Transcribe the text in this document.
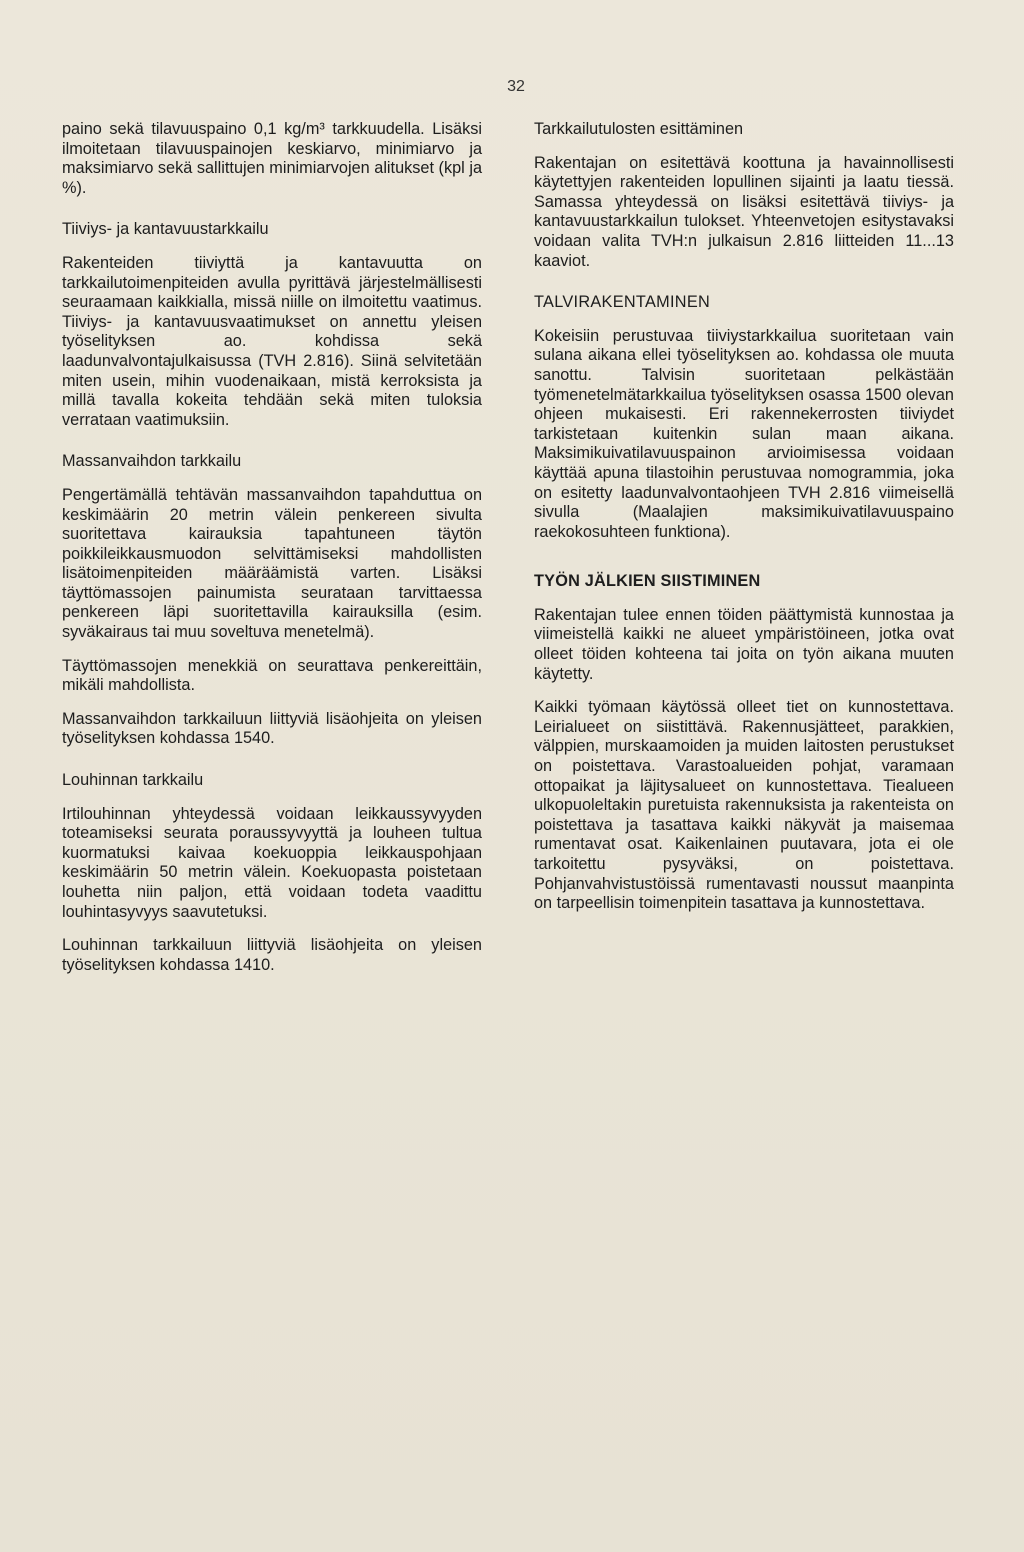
32

paino sekä tilavuuspaino 0,1 kg/m³ tarkkuudella. Lisäksi ilmoitetaan tilavuuspainojen keskiarvo, minimiarvo ja maksimiarvo sekä sallittujen minimiarvojen alitukset (kpl ja %).

Tiiviys- ja kantavuustarkkailu

Rakenteiden tiiviyttä ja kantavuutta on tarkkailutoimenpiteiden avulla pyrittävä järjestelmällisesti seuraamaan kaikkialla, missä niille on ilmoitettu vaatimus. Tiiviys- ja kantavuusvaatimukset on annettu yleisen työselityksen ao. kohdissa sekä laadunvalvontajulkaisussa (TVH 2.816). Siinä selvitetään miten usein, mihin vuodenaikaan, mistä kerroksista ja millä tavalla kokeita tehdään sekä miten tuloksia verrataan vaatimuksiin.

Massanvaihdon tarkkailu

Pengertämällä tehtävän massanvaihdon tapahduttua on keskimäärin 20 metrin välein penkereen sivulta suoritettava kairauksia tapahtuneen täytön poikkileikkausmuodon selvittämiseksi mahdollisten lisätoimenpiteiden määräämistä varten. Lisäksi täyttömassojen painumista seurataan tarvittaessa penkereen läpi suoritettavilla kairauksilla (esim. syväkairaus tai muu soveltuva menetelmä).

Täyttömassojen menekkiä on seurattava penkereittäin, mikäli mahdollista.

Massanvaihdon tarkkailuun liittyviä lisäohjeita on yleisen työselityksen kohdassa 1540.

Louhinnan tarkkailu

Irtilouhinnan yhteydessä voidaan leikkaussyvyyden toteamiseksi seurata poraussyvyyttä ja louheen tultua kuormatuksi kaivaa koekuoppia leikkauspohjaan keskimäärin 50 metrin välein. Koekuopasta poistetaan louhetta niin paljon, että voidaan todeta vaadittu louhintasyvyys saavutetuksi.

Louhinnan tarkkailuun liittyviä lisäohjeita on yleisen työselityksen kohdassa 1410.

Tarkkailutulosten esittäminen

Rakentajan on esitettävä koottuna ja havainnollisesti käytettyjen rakenteiden lopullinen sijainti ja laatu tiessä. Samassa yhteydessä on lisäksi esitettävä tiiviys- ja kantavuustarkkailun tulokset. Yhteenvetojen esitystavaksi voidaan valita TVH:n julkaisun 2.816 liitteiden 11...13 kaaviot.

TALVIRAKENTAMINEN

Kokeisiin perustuvaa tiiviystarkkailua suoritetaan vain sulana aikana ellei työselityksen ao. kohdassa ole muuta sanottu. Talvisin suoritetaan pelkästään työmenetelmätarkkailua työselityksen osassa 1500 olevan ohjeen mukaisesti. Eri rakennekerrosten tiiviydet tarkistetaan kuitenkin sulan maan aikana. Maksimikuivatilavuuspainon arvioimisessa voidaan käyttää apuna tilastoihin perustuvaa nomogrammia, joka on esitetty laadunvalvontaohjeen TVH 2.816 viimeisellä sivulla (Maalajien maksimikuivatilavuuspaino raekokosuhteen funktiona).

TYÖN JÄLKIEN SIISTIMINEN

Rakentajan tulee ennen töiden päättymistä kunnostaa ja viimeistellä kaikki ne alueet ympäristöineen, jotka ovat olleet töiden kohteena tai joita on työn aikana muuten käytetty.

Kaikki työmaan käytössä olleet tiet on kunnostettava. Leirialueet on siistittävä. Rakennusjätteet, parakkien, välppien, murskaamoiden ja muiden laitosten perustukset on poistettava. Varastoalueiden pohjat, varamaan ottopaikat ja läjitysalueet on kunnostettava. Tiealueen ulkopuoleltakin puretuista rakennuksista ja rakenteista on poistettava ja tasattava kaikki näkyvät ja maisemaa rumentavat osat. Kaikenlainen puutavara, jota ei ole tarkoitettu pysyväksi, on poistettava. Pohjanvahvistustöissä rumentavasti noussut maanpinta on tarpeellisin toimenpitein tasattava ja kunnostettava.
